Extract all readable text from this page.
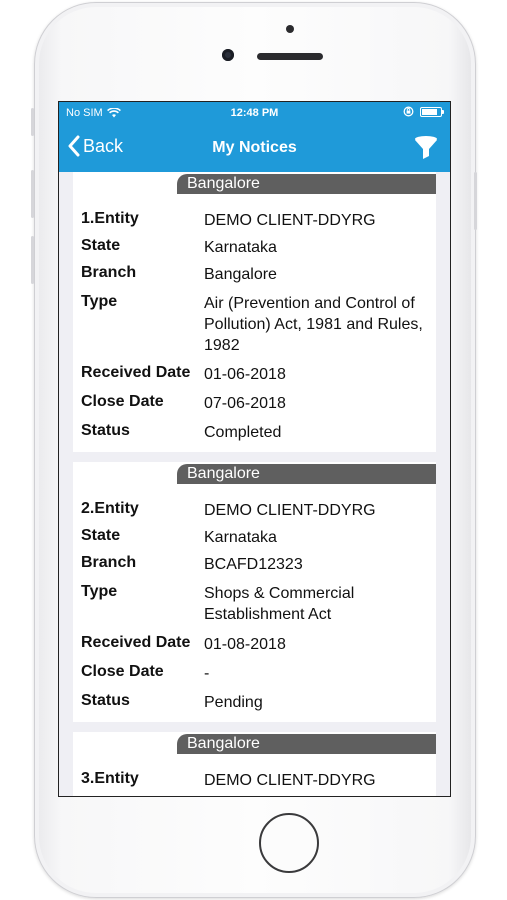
No SIM	12:48 PM
Back	My Notices
Bangalore
1.Entity	DEMO CLIENT-DDYRG
State	Karnataka
Branch	Bangalore
Type	Air (Prevention and Control of Pollution) Act, 1981 and Rules, 1982
Received Date 01-06-2018
Close Date	07-06-2018
Status	Completed
Bangalore
2.Entity	DEMO CLIENT-DDYRG
State	Karnataka
Branch	BCAFD12323
Type	Shops & Commercial Establishment Act
Received Date 01-08-2018
Close Date	-
Status	Pending
Bangalore
3.Entity	DEMO CLIENT-DDYRG
